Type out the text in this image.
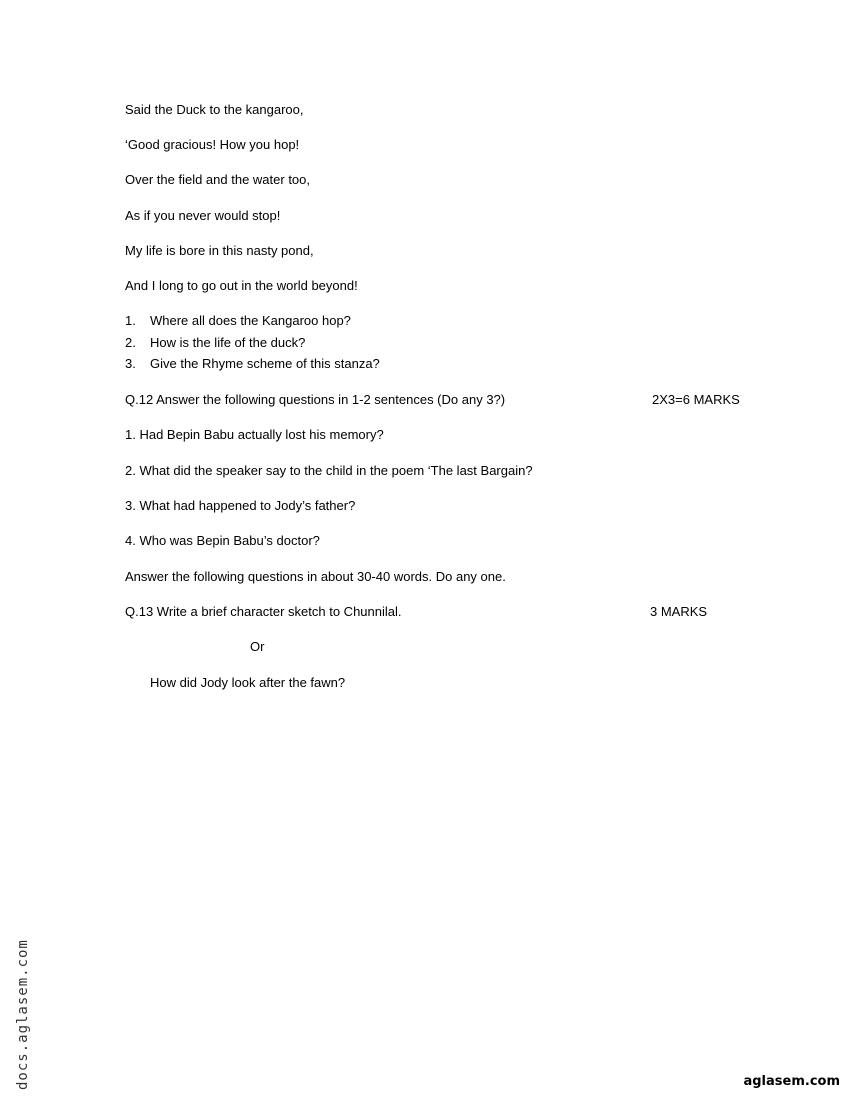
Said the Duck to the kangaroo,
‘Good gracious! How you hop!
Over the field and the water too,
As if you never would stop!
My life is bore in this nasty pond,
And I long to go out in the world beyond!
1. Where all does the Kangaroo hop?
2. How is the life of the duck?
3. Give the Rhyme scheme of this stanza?
Q.12 Answer the following questions in 1-2 sentences (Do any 3?)	2X3=6 MARKS
1. Had Bepin Babu actually lost his memory?
2. What did the speaker say to the child in the poem ‘The last Bargain?
3. What had happened to Jody’s father?
4. Who was Bepin Babu’s doctor?
Answer the following questions in about 30-40 words. Do any one.
Q.13 Write a brief character sketch to Chunnilal.	3 MARKS
Or
How did Jody look after the fawn?
docs.aglasem.com	aglasem.com
